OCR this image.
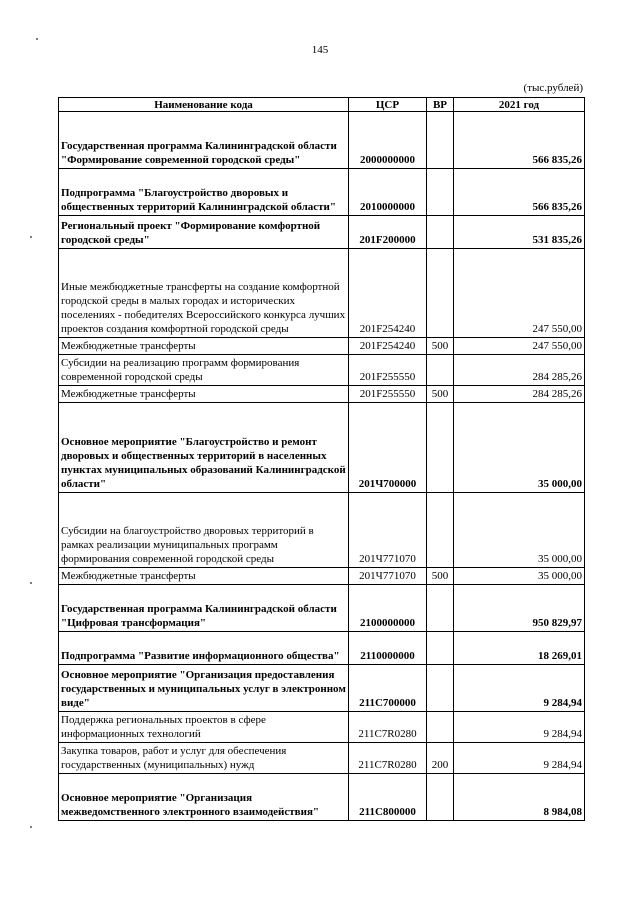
145
(тыс.рублей)
Наименование кода	ЦСР	ВР	2021 год
Государственная программа Калининградской области "Формирование современной городской среды"	2000000000		566 835,26
Подпрограмма "Благоустройство дворовых и общественных территорий Калининградской области"	2010000000		566 835,26
Региональный проект "Формирование комфортной городской среды"	201F200000		531 835,26
Иные межбюджетные трансферты на создание комфортной городской среды в малых городах и исторических поселениях - победителях Всероссийского конкурса лучших проектов создания комфортной городской среды	201F254240		247 550,00
Межбюджетные трансферты	201F254240	500	247 550,00
Субсидии на реализацию программ формирования современной городской среды	201F255550		284 285,26
Межбюджетные трансферты	201F255550	500	284 285,26
Основное мероприятие "Благоустройство и ремонт дворовых и общественных территорий в населенных пунктах муниципальных образований Калининградской области"	201Ч700000		35 000,00
Субсидии на благоустройство дворовых территорий в рамках реализации муниципальных программ формирования современной городской среды	201Ч771070		35 000,00
Межбюджетные трансферты	201Ч771070	500	35 000,00
Государственная программа Калининградской области "Цифровая трансформация"	2100000000		950 829,97
Подпрограмма "Развитие информационного общества"	2110000000		18 269,01
Основное мероприятие "Организация предоставления государственных и муниципальных услуг в электронном виде"	211С700000		9 284,94
Поддержка региональных проектов в сфере информационных технологий	211С7R0280		9 284,94
Закупка товаров, работ и услуг для обеспечения государственных (муниципальных) нужд	211С7R0280	200	9 284,94
Основное мероприятие "Организация межведомственного электронного взаимодействия"	211С800000		8 984,08
